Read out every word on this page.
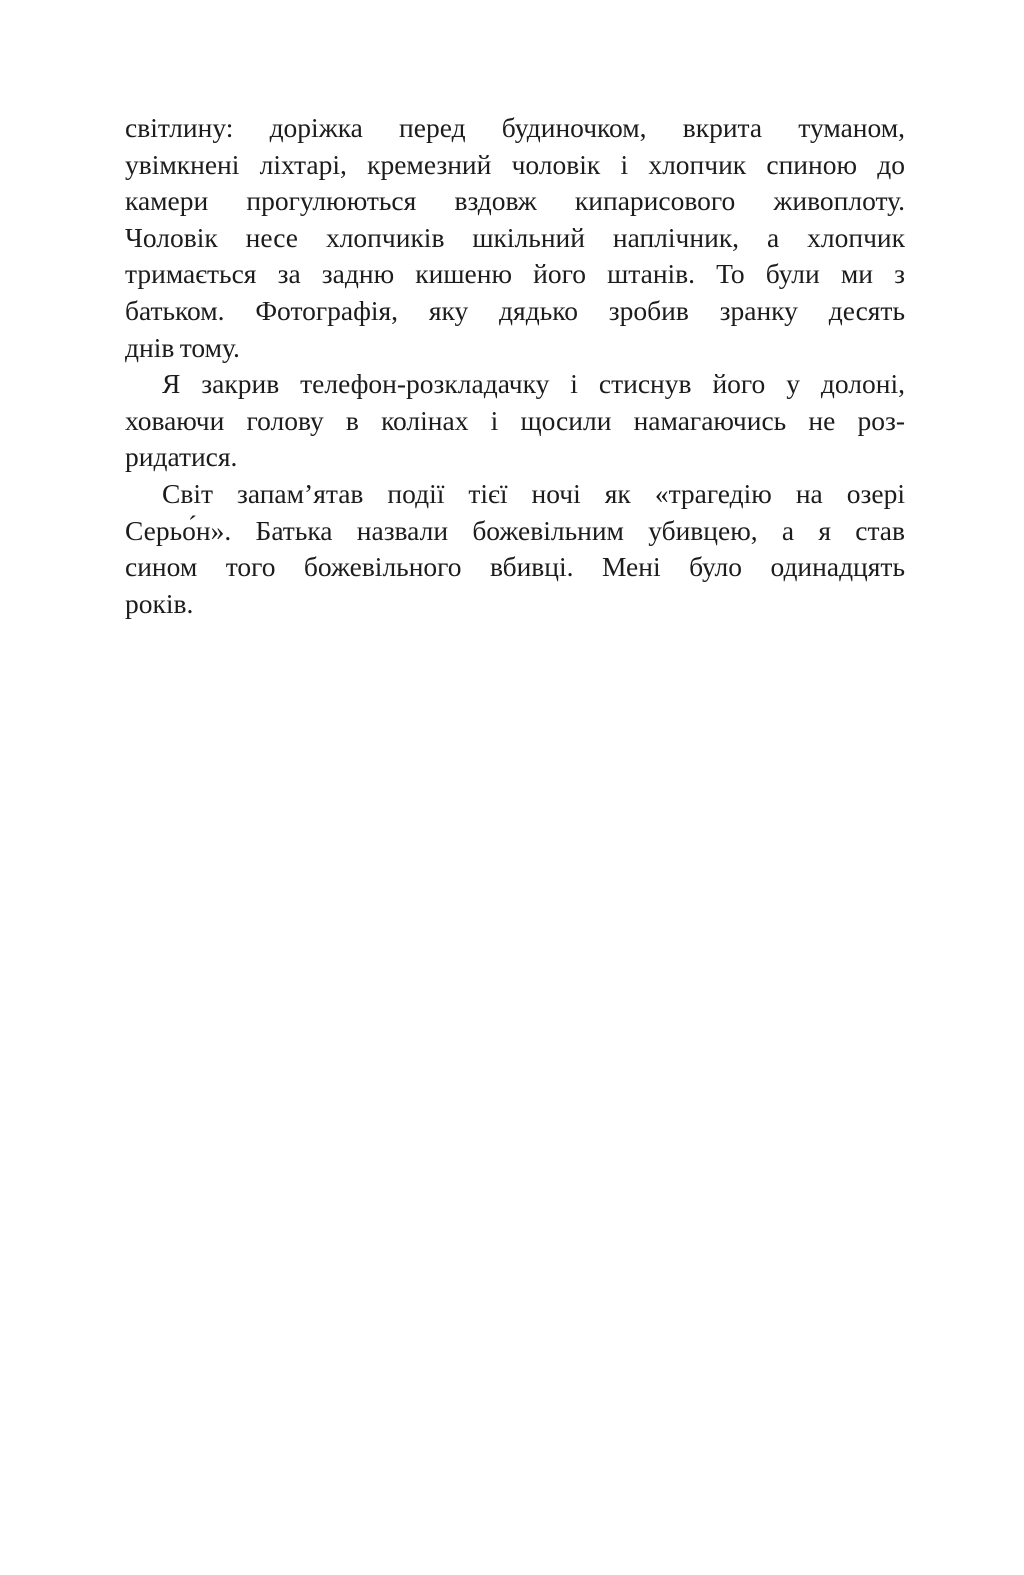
світлину: доріжка перед будиночком, вкрита туманом,
увімкнені ліхтарі, кремезний чоловік і хлопчик спиною до
камери прогулюються вздовж кипарисового живоплоту.
Чоловік несе хлопчиків шкільний наплічник, а хлопчик
тримається за задню кишеню його штанів. То були ми з
батьком. Фотографія, яку дядько зробив зранку десять
днів тому.

Я закрив телефон-розкладачку і стиснув його у долоні,
ховаючи голову в колінах і щосили намагаючись не роз-
ридатися.

Світ запам’ятав події тієї ночі як «трагедію на озері
Серьо́н». Батька назвали божевільним убивцею, а я став
сином того божевільного вбивці. Мені було одинадцять
років.
